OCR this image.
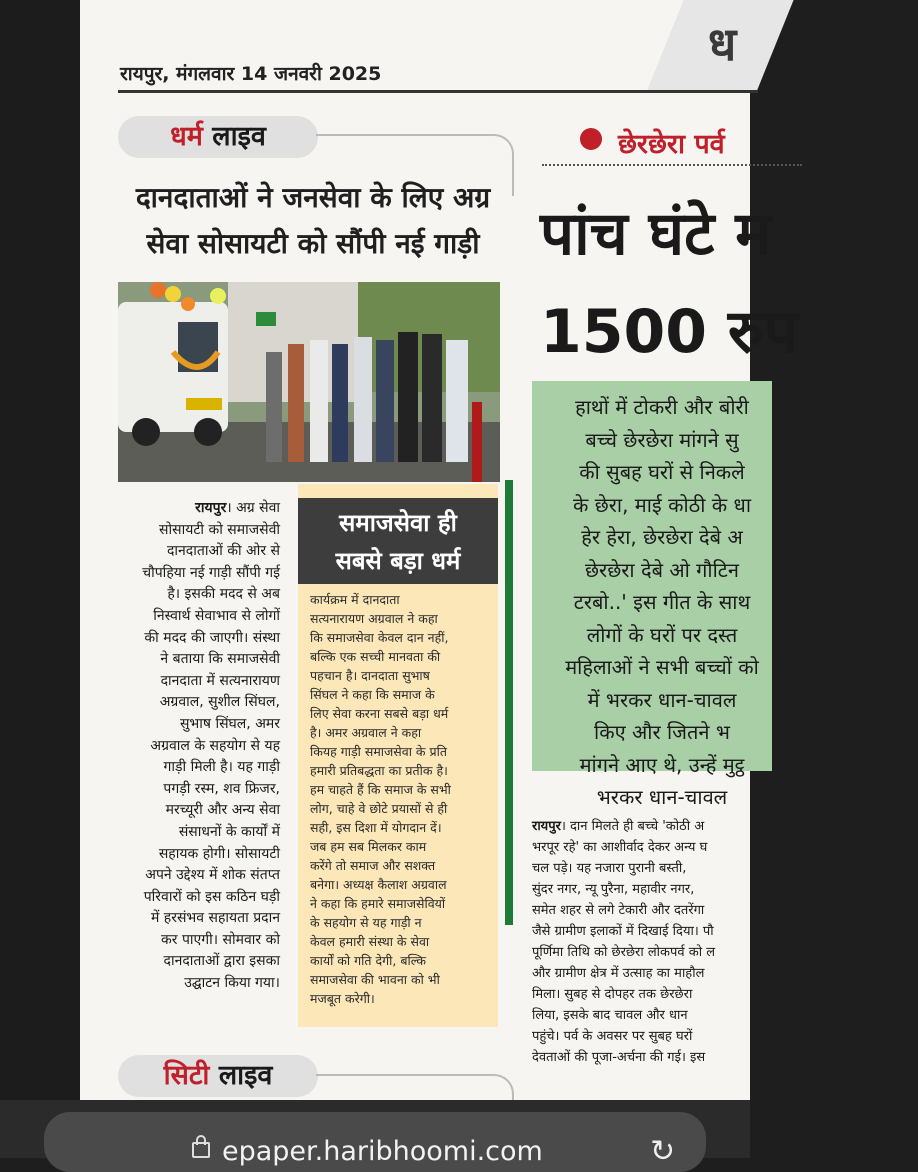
ध
रायपुर, मंगलवार 14 जनवरी 2025
धर्म लाइव
दानदाताओं ने जनसेवा के लिए अग्र
सेवा सोसायटी को सौंपी नई गाड़ी
रायपुर। अग्र सेवा
सोसायटी को समाजसेवी
दानदाताओं की ओर से
चौपहिया नई गाड़ी सौंपी गई
है। इसकी मदद से अब
निस्वार्थ सेवाभाव से लोगों
की मदद की जाएगी। संस्था
ने बताया कि समाजसेवी
दानदाता में सत्यनारायण
अग्रवाल, सुशील सिंघल,
सुभाष सिंघल, अमर
अग्रवाल के सहयोग से यह
गाड़ी मिली है। यह गाड़ी
पगड़ी रस्म, शव फ्रिजर,
मरच्यूरी और अन्य सेवा
संसाधनों के कार्यों में
सहायक होगी। सोसायटी
अपने उद्देश्य में शोक संतप्त
परिवारों को इस कठिन घड़ी
में हरसंभव सहायता प्रदान
कर पाएगी। सोमवार को
दानदाताओं द्वारा इसका
उद्घाटन किया गया।
समाजसेवा ही
सबसे बड़ा धर्म
कार्यक्रम में दानदाता
सत्यनारायण अग्रवाल ने कहा
कि समाजसेवा केवल दान नहीं,
बल्कि एक सच्ची मानवता की
पहचान है। दानदाता सुभाष
सिंघल ने कहा कि समाज के
लिए सेवा करना सबसे बड़ा धर्म
है। अमर अग्रवाल ने कहा
कियह गाड़ी समाजसेवा के प्रति
हमारी प्रतिबद्धता का प्रतीक है।
हम चाहते हैं कि समाज के सभी
लोग, चाहे वे छोटे प्रयासों से ही
सही, इस दिशा में योगदान दें।
जब हम सब मिलकर काम
करेंगे तो समाज और सशक्त
बनेगा। अध्यक्ष कैलाश अग्रवाल
ने कहा कि हमारे समाजसेवियों
के सहयोग से यह गाड़ी न
केवल हमारी संस्था के सेवा
कार्यों को गति देगी, बल्कि
समाजसेवा की भावना को भी
मजबूत करेगी।
सिटी लाइव
छेरछेरा पर्व
पांच घंटे म
1500 रुप
हाथों में टोकरी और बोरी
बच्चे छेरछेरा मांगने सु
की सुबह घरों से निकले
के छेरा, माई कोठी के धा
हेर हेरा, छेरछेरा देबे अ
छेरछेरा देबे ओ गौटिन
टरबो..' इस गीत के साथ
लोगों के घरों पर दस्त
महिलाओं ने सभी बच्चों को
में भरकर धान-चावल
किए और जितने भ
मांगने आए थे, उन्हें मुट्ठ
भरकर धान-चावल
रायपुर। दान मिलते ही बच्चे 'कोठी अ
भरपूर रहे' का आशीर्वाद देकर अन्य घ
चल पड़े। यह नजारा पुरानी बस्ती,
सुंदर नगर, न्यू पुरैना, महावीर नगर,
समेत शहर से लगे टेकारी और दतरेंगा
जैसे ग्रामीण इलाकों में दिखाई दिया। पौ
पूर्णिमा तिथि को छेरछेरा लोकपर्व को ल
और ग्रामीण क्षेत्र में उत्साह का माहौल
मिला। सुबह से दोपहर तक छेरछेरा
लिया, इसके बाद चावल और धान
पहुंचे। पर्व के अवसर पर सुबह घरों
देवताओं की पूजा-अर्चना की गई। इस
epaper.haribhoomi.com	↻
